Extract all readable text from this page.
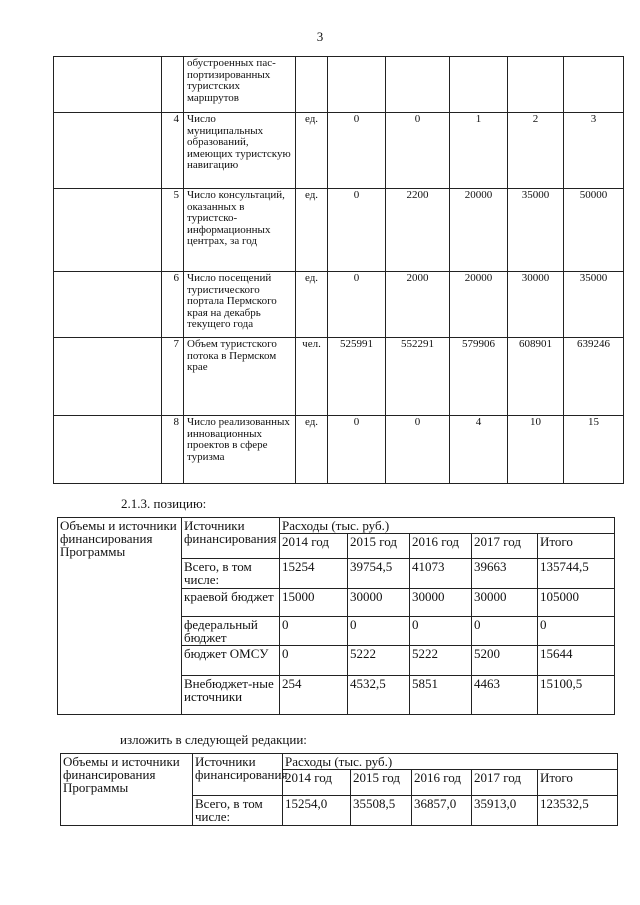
3
		обустроенных пас-портизированных туристских маршрутов						
	4	Число муниципальных образований, имеющих туристскую навигацию	ед.	0	0	1	2	3
	5	Число консультаций, оказанных в туристско-информационных центрах, за год	ед.	0	2200	20000	35000	50000
	6	Число посещений туристического портала Пермского края на декабрь текущего года	ед.	0	2000	20000	30000	35000
	7	Объем туристского потока в Пермском крае	чел.	525991	552291	579906	608901	639246
	8	Число реализованных инновационных проектов в сфере туризма	ед.	0	0	4	10	15
2.1.3. позицию:
Объемы и источники финансирования Программы	Источники финансирования	Расходы (тыс. руб.)				
		2014 год	2015 год	2016 год	2017 год	Итого
	Всего, в том числе:	15254	39754,5	41073	39663	135744,5
	краевой бюджет	15000	30000	30000	30000	105000
	федеральный бюджет	0	0	0	0	0
	бюджет ОМСУ	0	5222	5222	5200	15644
	Внебюджет-ные источники	254	4532,5	5851	4463	15100,5
изложить в следующей редакции:
Объемы и источники финансирования Программы	Источники финансирования	Расходы (тыс. руб.)				
		2014 год	2015 год	2016 год	2017 год	Итого
	Всего, в том числе:	15254,0	35508,5	36857,0	35913,0	123532,5
